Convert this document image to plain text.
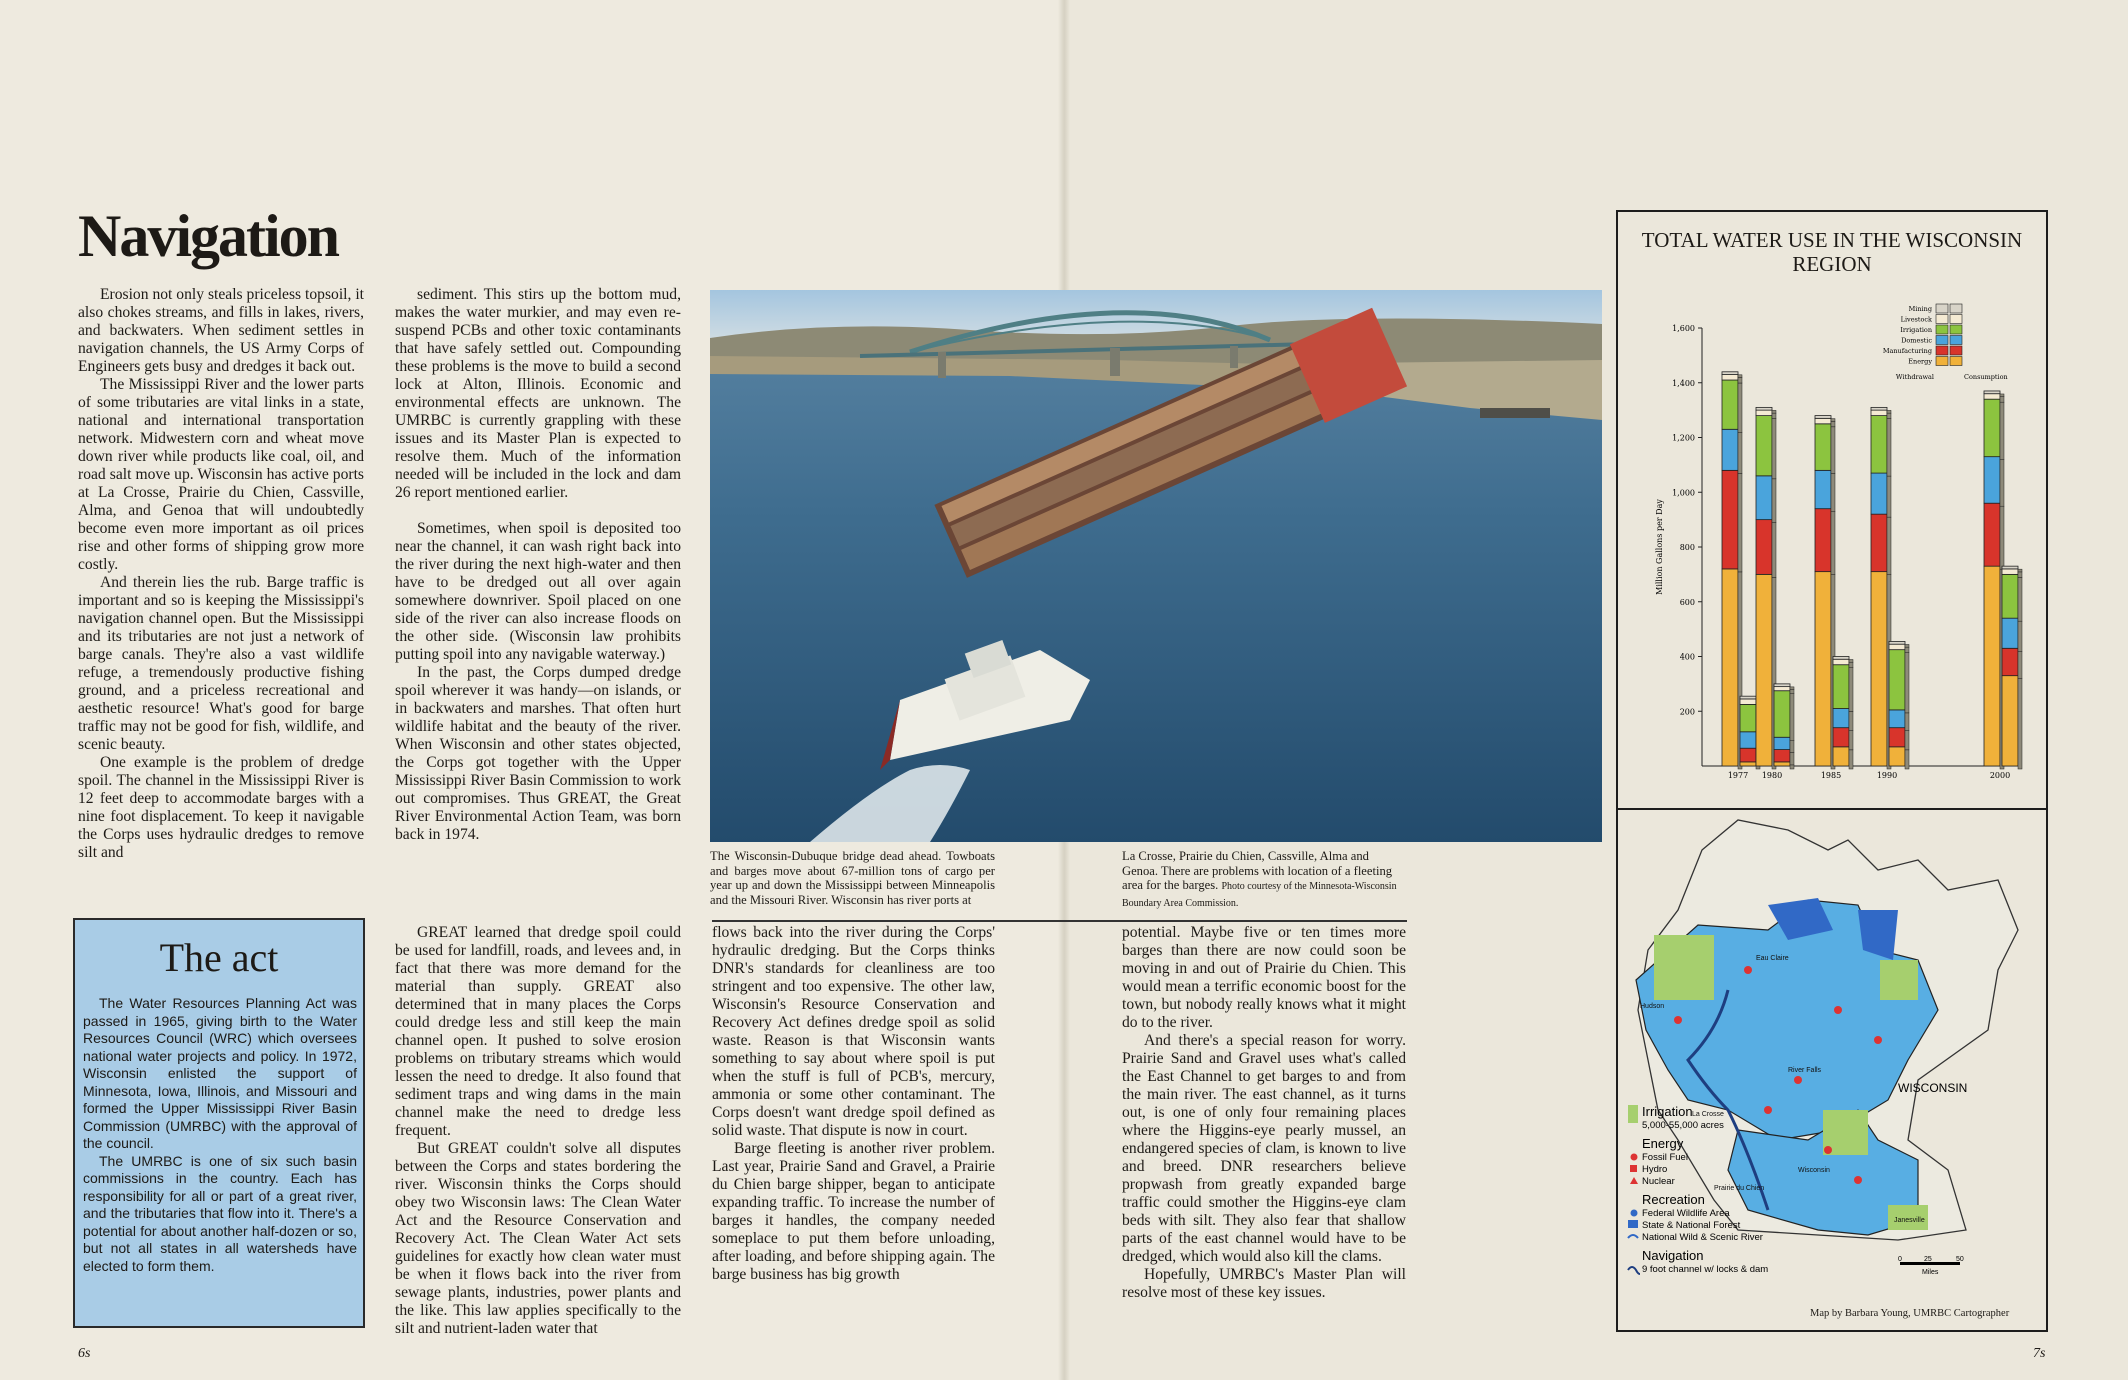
Navigation

Erosion not only steals priceless topsoil, it also chokes streams, and fills in lakes, rivers, and backwaters. When sediment settles in navigation channels, the US Army Corps of Engineers gets busy and dredges it back out.

The Mississippi River and the lower parts of some tributaries are vital links in a state, national and international transportation network. Midwestern corn and wheat move down river while products like coal, oil, and road salt move up. Wisconsin has active ports at La Crosse, Prairie du Chien, Cassville, Alma, and Genoa that will undoubtedly become even more important as oil prices rise and other forms of shipping grow more costly.

And therein lies the rub. Barge traffic is important and so is keeping the Mississippi's navigation channel open. But the Mississippi and its tributaries are not just a network of barge canals. They're also a vast wildlife refuge, a tremendously productive fishing ground, and a priceless recreational and aesthetic resource! What's good for barge traffic may not be good for fish, wildlife, and scenic beauty.

One example is the problem of dredge spoil. The channel in the Mississippi River is 12 feet deep to accommodate barges with a nine foot displacement. To keep it navigable the Corps uses hydraulic dredges to remove silt and

sediment. This stirs up the bottom mud, makes the water murkier, and may even re-suspend PCBs and other toxic contaminants that have safely settled out. Compounding these problems is the move to build a second lock at Alton, Illinois. Economic and environmental effects are unknown. The UMRBC is currently grappling with these issues and its Master Plan is expected to resolve them. Much of the information needed will be included in the lock and dam 26 report mentioned earlier.

Sometimes, when spoil is deposited too near the channel, it can wash right back into the river during the next high-water and then have to be dredged out all over again somewhere downriver. Spoil placed on one side of the river can also increase floods on the other side. (Wisconsin law prohibits putting spoil into any navigable waterway.)

In the past, the Corps dumped dredge spoil wherever it was handy—on islands, or in backwaters and marshes. That often hurt wildlife habitat and the beauty of the river. When Wisconsin and other states objected, the Corps got together with the Upper Mississippi River Basin Commission to work out compromises. Thus GREAT, the Great River Environmental Action Team, was born back in 1974.

GREAT learned that dredge spoil could be used for landfill, roads, and levees and, in fact that there was more demand for the material than supply. GREAT also determined that in many places the Corps could dredge less and still keep the main channel open. It pushed to solve erosion problems on tributary streams which would lessen the need to dredge. It also found that sediment traps and wing dams in the main channel make the need to dredge less frequent.

But GREAT couldn't solve all disputes between the Corps and states bordering the river. Wisconsin thinks the Corps should obey two Wisconsin laws: The Clean Water Act and the Resource Conservation and Recovery Act. The Clean Water Act sets guidelines for exactly how clean water must be when it flows back into the river from sewage plants, industries, power plants and the like. This law applies specifically to the silt and nutrient-laden water that

flows back into the river during the Corps' hydraulic dredging. But the Corps thinks DNR's standards for cleanliness are too stringent and too expensive. The other law, Wisconsin's Resource Conservation and Recovery Act defines dredge spoil as solid waste. Reason is that Wisconsin wants something to say about where spoil is put when the stuff is full of PCB's, mercury, ammonia or some other contaminant. The Corps doesn't want dredge spoil defined as solid waste. That dispute is now in court.

Barge fleeting is another river problem. Last year, Prairie Sand and Gravel, a Prairie du Chien barge shipper, began to anticipate expanding traffic. To increase the number of barges it handles, the company needed someplace to put them before unloading, after loading, and before shipping again. The barge business has big growth

potential. Maybe five or ten times more barges than there are now could soon be moving in and out of Prairie du Chien. This would mean a terrific economic boost for the town, but nobody really knows what it might do to the river.

And there's a special reason for worry. Prairie Sand and Gravel uses what's called the East Channel to get barges to and from the main river. The east channel, as it turns out, is one of only four remaining places where the Higgins-eye pearly mussel, an endangered species of clam, is known to live and breed. DNR researchers believe propwash from greatly expanded barge traffic could smother the Higgins-eye clam beds with silt. They also fear that shallow parts of the east channel would have to be dredged, which would also kill the clams.

Hopefully, UMRBC's Master Plan will resolve most of these key issues.

The act

The Water Resources Planning Act was passed in 1965, giving birth to the Water Resources Council (WRC) which oversees national water projects and policy. In 1972, Wisconsin enlisted the support of Minnesota, Iowa, Illinois, and Missouri and formed the Upper Mississippi River Basin Commission (UMRBC) with the approval of the council.

The UMRBC is one of six such basin commissions in the country. Each has responsibility for all or part of a great river, and the tributaries that flow into it. There's a potential for about another half-dozen or so, but not all states in all watersheds have elected to form them.

The Wisconsin-Dubuque bridge dead ahead. Towboats and barges move about 67-million tons of cargo per year up and down the Mississippi between Minneapolis and the Missouri River. Wisconsin has river ports at
La Crosse, Prairie du Chien, Cassville, Alma and Genoa. There are problems with location of a fleeting area for the barges. Photo courtesy of the Minnesota-Wisconsin Boundary Area Commission.
TOTAL WATER USE IN THE WISCONSIN REGION
200
400
600
800
1,000
1,200
1,400
1,600
Million Gallons per Day
1977 1980	1985	1990	2000
Mining
Livestock
Irrigation
Domestic
Manufacturing
Energy
Withdrawal	Consumption
WISCONSIN
Irrigation
5,000-55,000 acres
Energy
Fossil Fuel
Hydro
Nuclear
Recreation
Federal Wildlife Area
State & National Forest
National Wild & Scenic River
Navigation
9 foot channel w/ locks & dam
0	25	50
Miles
Hudson
Eau Claire
River Falls
La Crosse
Prairie du Chien
Wisconsin
Janesville
Map by Barbara Young, UMRBC Cartographer
6s	7s
